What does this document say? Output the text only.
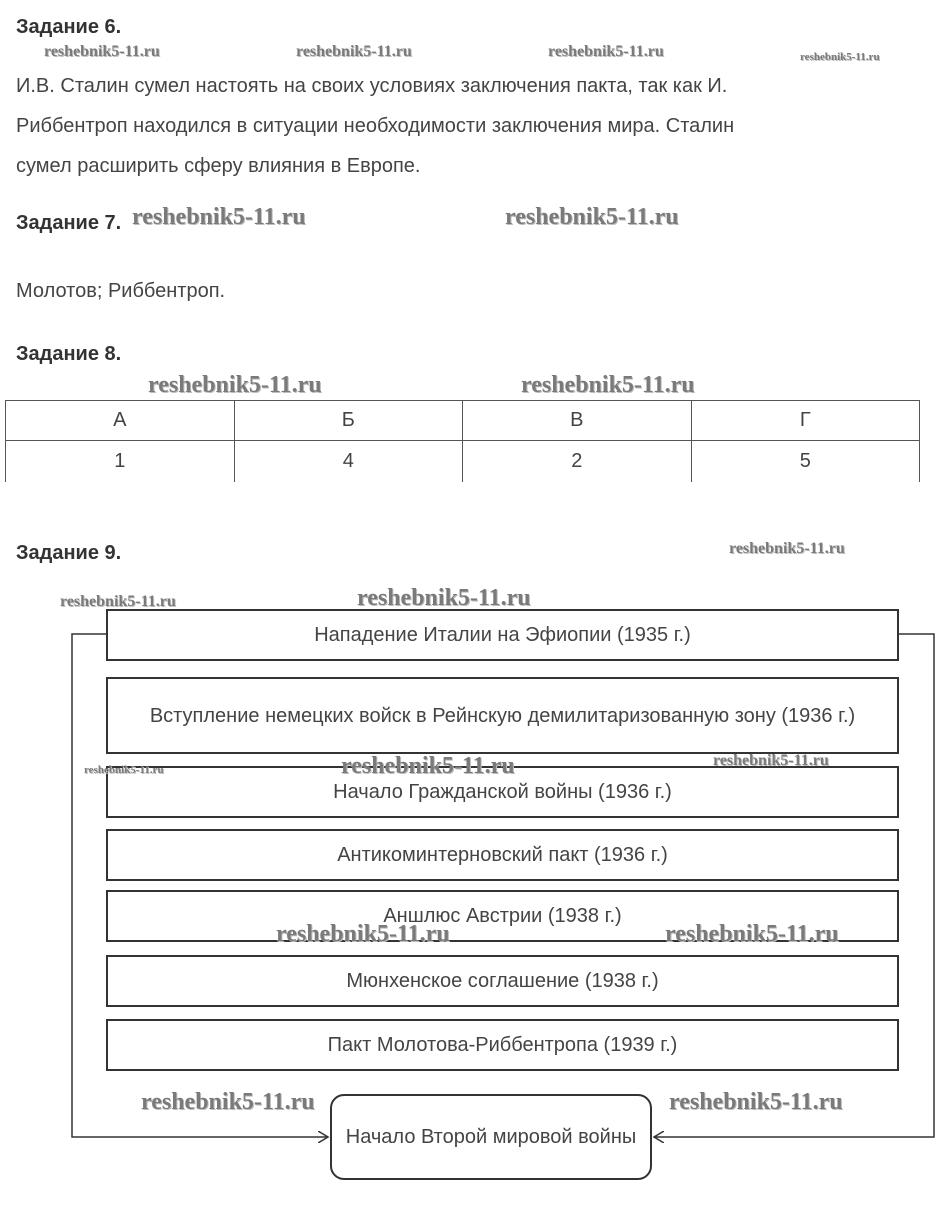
Задание 6.
И.В. Сталин сумел настоять на своих условиях заключения пакта, так как И.
Риббентроп находился в ситуации необходимости заключения мира. Сталин
сумел расширить сферу влияния в Европе.
Задание 7.
Молотов; Риббентроп.
Задание 8.
А	Б	В	Г
1	4	2	5
Задание 9.
Нападение Италии на Эфиопии (1935 г.)
Вступление немецких войск в Рейнскую демилитаризованную зону (1936 г.)
Начало Гражданской войны (1936 г.)
Антикоминтерновский пакт (1936 г.)
Аншлюс Австрии (1938 г.)
Мюнхенское соглашение (1938 г.)
Пакт Молотова-Риббентропа (1939 г.)
Начало Второй мировой войны
reshebnik5-11.ru	reshebnik5-11.ru	reshebnik5-11.ru	reshebnik5-11.ru
reshebnik5-11.ru	reshebnik5-11.ru
reshebnik5-11.ru	reshebnik5-11.ru
reshebnik5-11.ru
reshebnik5-11.ru	reshebnik5-11.ru
reshebnik5-11.ru	reshebnik5-11.ru	reshebnik5-11.ru
reshebnik5-11.ru	reshebnik5-11.ru
reshebnik5-11.ru	reshebnik5-11.ru
